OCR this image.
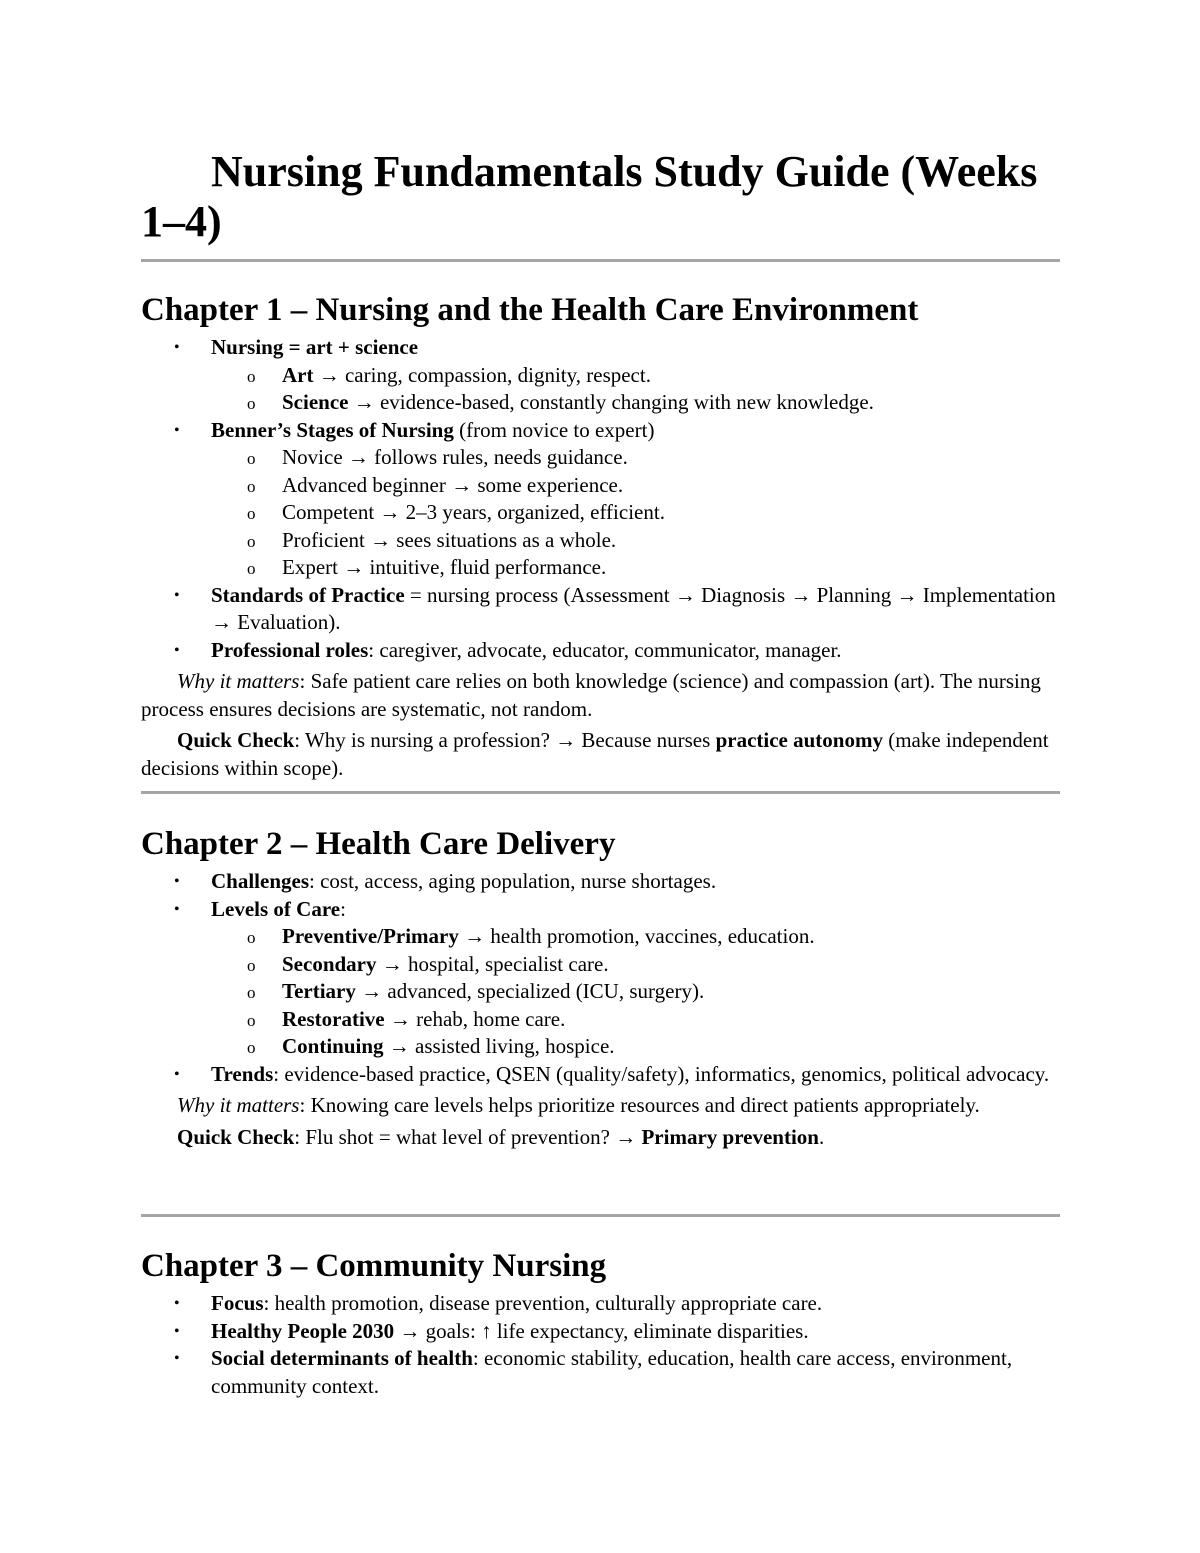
Nursing Fundamentals Study Guide (Weeks 1–4)
Chapter 1 – Nursing and the Health Care Environment
• Nursing = art + science
o Art → caring, compassion, dignity, respect.
o Science → evidence-based, constantly changing with new knowledge.
• Benner’s Stages of Nursing (from novice to expert)
o Novice → follows rules, needs guidance.
o Advanced beginner → some experience.
o Competent → 2–3 years, organized, efficient.
o Proficient → sees situations as a whole.
o Expert → intuitive, fluid performance.
• Standards of Practice = nursing process (Assessment → Diagnosis → Planning → Implementation → Evaluation).
• Professional roles: caregiver, advocate, educator, communicator, manager.

Why it matters: Safe patient care relies on both knowledge (science) and compassion (art). The nursing process ensures decisions are systematic, not random.

Quick Check: Why is nursing a profession? → Because nurses practice autonomy (make independent decisions within scope).

Chapter 2 – Health Care Delivery
• Challenges: cost, access, aging population, nurse shortages.
• Levels of Care:
o Preventive/Primary → health promotion, vaccines, education.
o Secondary → hospital, specialist care.
o Tertiary → advanced, specialized (ICU, surgery).
o Restorative → rehab, home care.
o Continuing → assisted living, hospice.
• Trends: evidence-based practice, QSEN (quality/safety), informatics, genomics, political advocacy.

Why it matters: Knowing care levels helps prioritize resources and direct patients appropriately.

Quick Check: Flu shot = what level of prevention? → Primary prevention.

Chapter 3 – Community Nursing
• Focus: health promotion, disease prevention, culturally appropriate care.
• Healthy People 2030 → goals: ↑ life expectancy, eliminate disparities.
• Social determinants of health: economic stability, education, health care access, environment, community context.
